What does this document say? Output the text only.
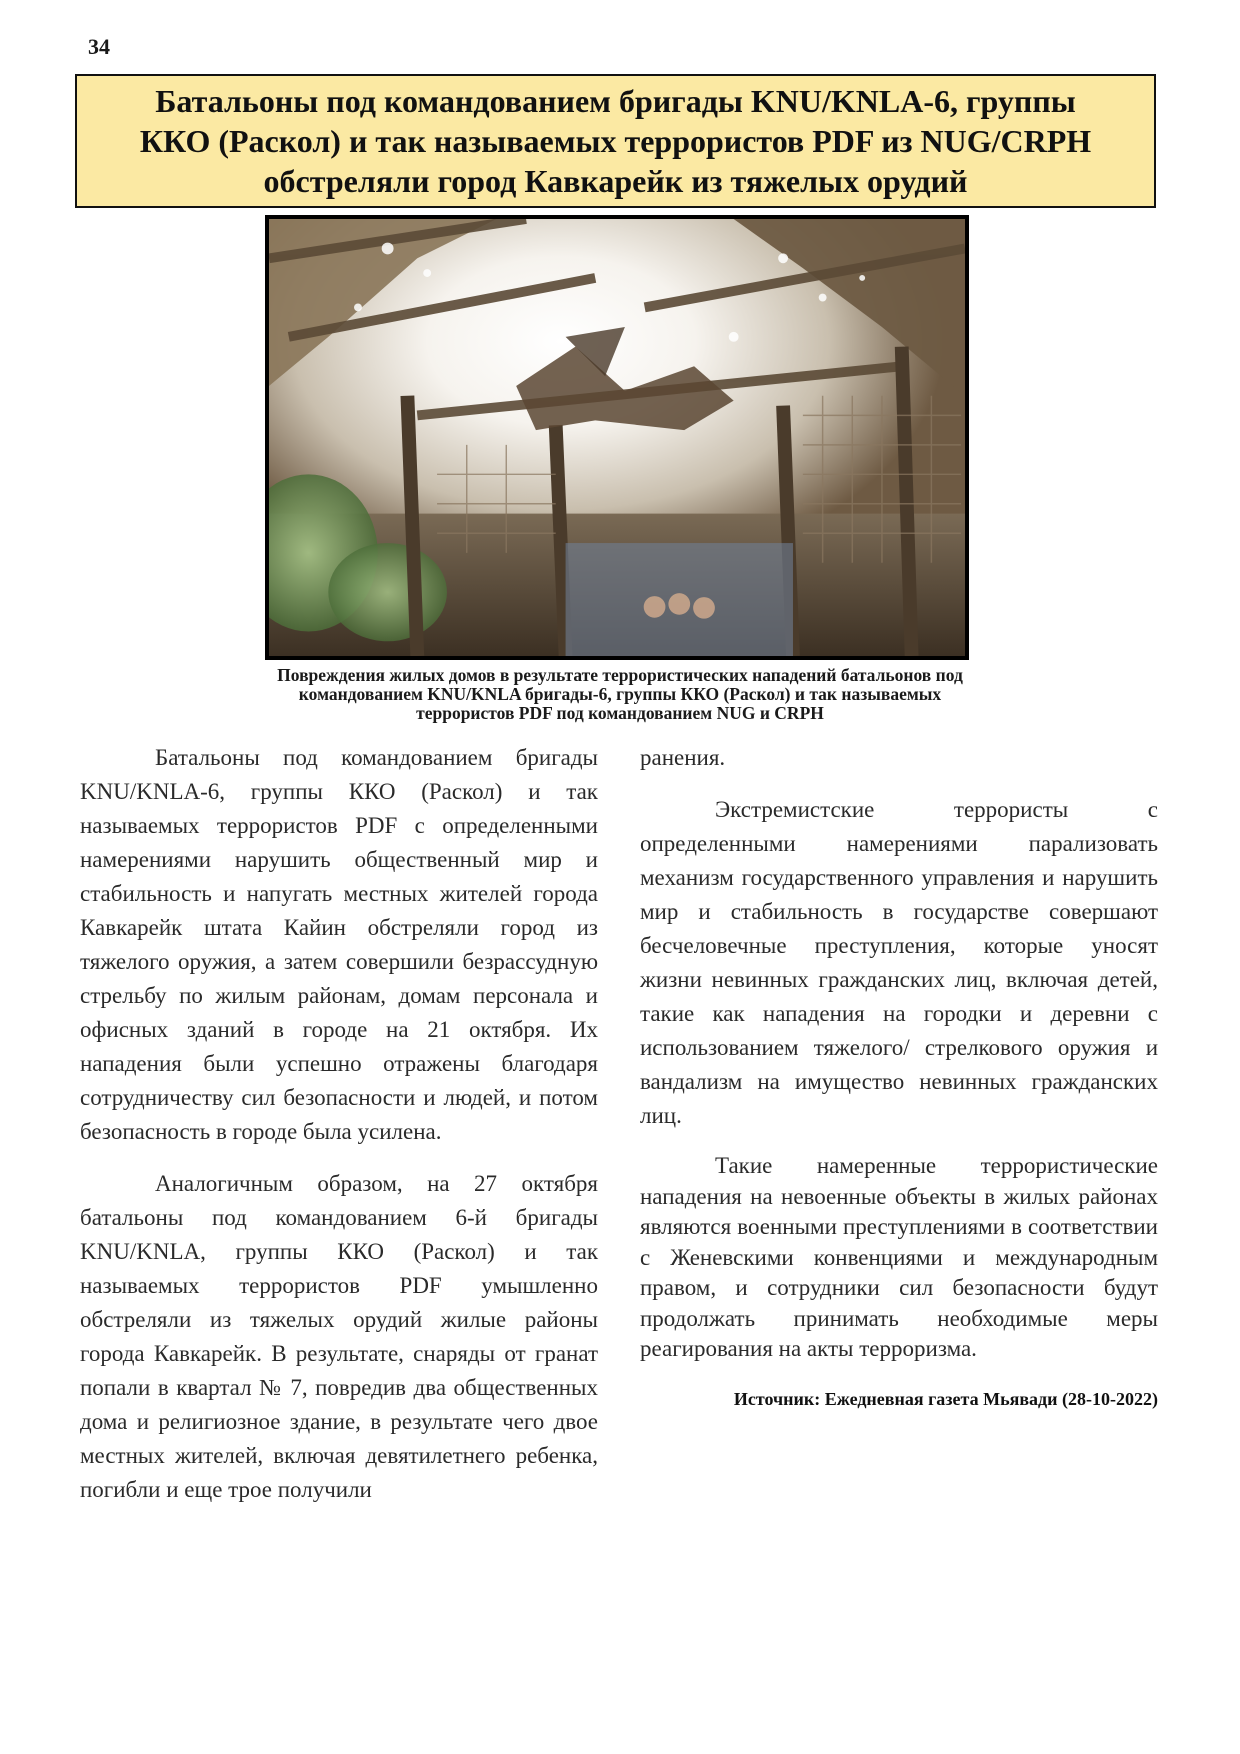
34
Батальоны под командованием бригады KNU/KNLA-6, группы ККО (Раскол) и так называемых террористов PDF из NUG/CRPH обстреляли город Кавкарейк из тяжелых орудий
Повреждения жилых домов в результате террористических нападений батальонов под
командованием KNU/KNLA бригады-6, группы ККО (Раскол) и так называемых
террористов PDF под командованием NUG и CRPH

Батальоны под командованием бригады KNU/KNLA-6, группы ККО (Раскол) и так называемых террористов PDF с определенными намерениями нарушить общественный мир и стабильность и напугать местных жителей города Кавкарейк штата Кайин обстреляли город из тяжелого оружия, а затем совершили безрассудную стрельбу по жилым районам, домам персонала и офисных зданий в городе на 21 октября. Их нападения были успешно отражены благодаря сотрудничеству сил безопасности и людей, и потом безопасность в городе была усилена.

Аналогичным образом, на 27 октября батальоны под командованием 6-й бригады KNU/KNLA, группы ККО (Раскол) и так называемых террористов PDF умышленно обстреляли из тяжелых орудий жилые районы города Кавкарейк. В результате, снаряды от гранат попали в квартал № 7, повредив два общественных дома и религиозное здание, в результате чего двое местных жителей, включая девятилетнего ребенка, погибли и еще трое получили

ранения.

Экстремистские террористы с определенными намерениями парализовать механизм государственного управления и нарушить мир и стабильность в государстве совершают бесчеловечные преступления, которые уносят жизни невинных гражданских лиц, включая детей, такие как нападения на городки и деревни с использованием тяжелого/ стрелкового оружия и вандализм на имущество невинных гражданских лиц.

Такие намеренные террористические нападения на невоенные объекты в жилых районах являются военными преступлениями в соответствии с Женевскими конвенциями и международным правом, и сотрудники сил безопасности будут продолжать принимать необходимые меры реагирования на акты терроризма.

Источник: Ежедневная газета Мьявади (28-10-2022)
